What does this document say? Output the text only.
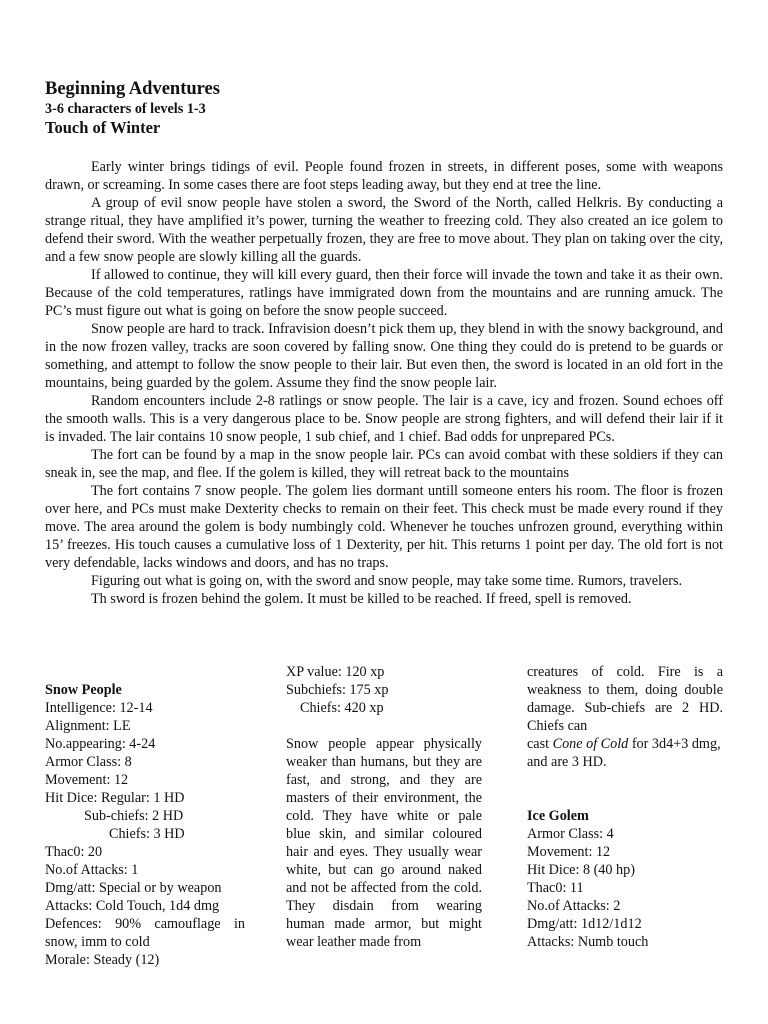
Beginning Adventures
3-6 characters of levels 1-3
Touch of Winter

Early winter brings tidings of evil. People found frozen in streets, in different poses, some with weapons drawn, or screaming. In some cases there are foot steps leading away, but they end at tree the line.

A group of evil snow people have stolen a sword, the Sword of the North, called Helkris. By conducting a strange ritual, they have amplified it’s power, turning the weather to freezing cold. They also created an ice golem to defend their sword. With the weather perpetually frozen, they are free to move about. They plan on taking over the city, and a few snow people are slowly killing all the guards.

If allowed to continue, they will kill every guard, then their force will invade the town and take it as their own. Because of the cold temperatures, ratlings have immigrated down from the mountains and are running amuck. The PC’s must figure out what is going on before the snow people succeed.

Snow people are hard to track. Infravision doesn’t pick them up, they blend in with the snowy background, and in the now frozen valley, tracks are soon covered by falling snow. One thing they could do is pretend to be guards or something, and attempt to follow the snow people to their lair. But even then, the sword is located in an old fort in the mountains, being guarded by the golem. Assume they find the snow people lair.

Random encounters include 2-8 ratlings or snow people. The lair is a cave, icy and frozen. Sound echoes off the smooth walls. This is a very dangerous place to be. Snow people are strong fighters, and will defend their lair if it is invaded. The lair contains 10 snow people, 1 sub chief, and 1 chief. Bad odds for unprepared PCs.

The fort can be found by a map in the snow people lair. PCs can avoid combat with these soldiers if they can sneak in, see the map, and flee. If the golem is killed, they will retreat back to the mountains

The fort contains 7 snow people. The golem lies dormant untill someone enters his room. The floor is frozen over here, and PCs must make Dexterity checks to remain on their feet. This check must be made every round if they move. The area around the golem is body numbingly cold. Whenever he touches unfrozen ground, everything within 15’ freezes. His touch causes a cumulative loss of 1 Dexterity, per hit. This returns 1 point per day. The old fort is not very defendable, lacks windows and doors, and has no traps.

Figuring out what is going on, with the sword and snow people, may take some time. Rumors, travelers.

Th sword is frozen behind the golem. It must be killed to be reached. If freed, spell is removed.

Snow People
Intelligence: 12-14
Alignment: LE
No.appearing: 4-24
Armor Class: 8
Movement: 12
Hit Dice: Regular: 1 HD
Sub-chiefs: 2 HD
Chiefs: 3 HD
Thac0: 20
No.of Attacks: 1
Dmg/att: Special or by weapon
Attacks: Cold Touch, 1d4 dmg
Defences: 90% camouflage in snow, imm to cold
Morale: Steady (12)
XP value: 120 xp
Subchiefs: 175 xp
Chiefs: 420 xp
Snow people appear physically weaker than humans, but they are fast, and strong, and they are masters of their environment, the cold. They have white or pale blue skin, and similar coloured hair and eyes. They usually wear white, but can go around naked and not be affected from the cold. They disdain from wearing human made armor, but might wear leather made from
creatures of cold. Fire is a weakness to them, doing double damage. Sub-chiefs are 2 HD. Chiefs can
cast Cone of Cold for 3d4+3 dmg, and are 3 HD.
Ice Golem
Armor Class: 4
Movement: 12
Hit Dice: 8 (40 hp)
Thac0: 11
No.of Attacks: 2
Dmg/att: 1d12/1d12
Attacks: Numb touch
